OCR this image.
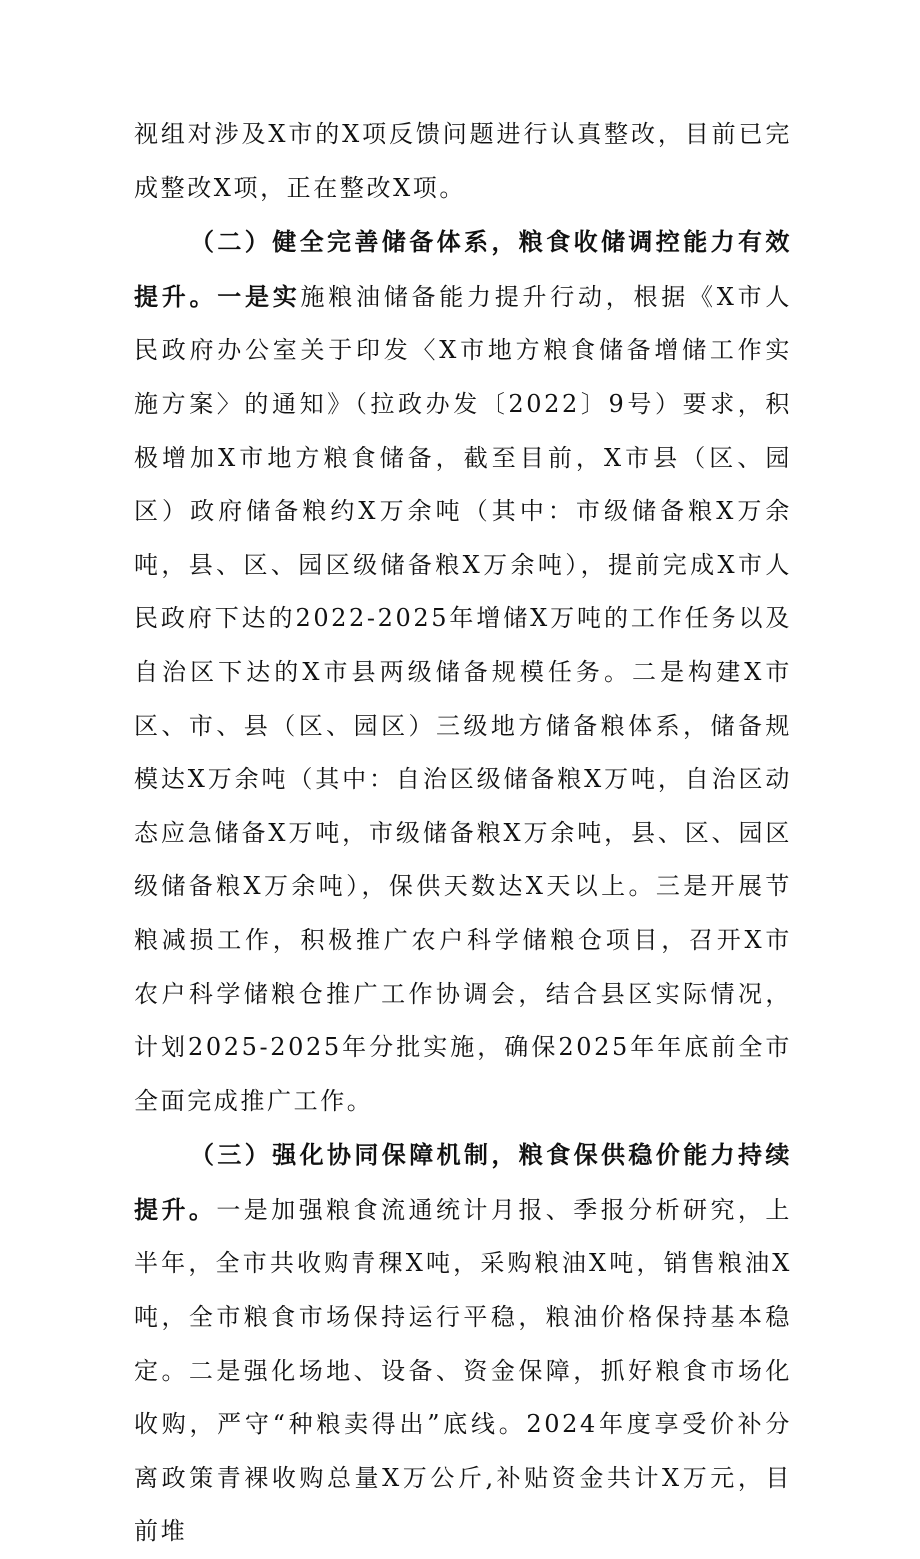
视组对涉及X市的X项反馈问题进行认真整改，目前已完成整改X项，正在整改X项。

（二）健全完善储备体系，粮食收储调控能力有效提升。一是实施粮油储备能力提升行动，根据《X市人民政府办公室关于印发〈X市地方粮食储备增储工作实施方案〉的通知》（拉政办发〔2022〕9号）要求，积极增加X市地方粮食储备，截至目前，X市县（区、园区）政府储备粮约X万余吨（其中：市级储备粮X万余吨，县、区、园区级储备粮X万余吨），提前完成X市人民政府下达的2022-2025年增储X万吨的工作任务以及自治区下达的X市县两级储备规模任务。二是构建X市区、市、县（区、园区）三级地方储备粮体系，储备规模达X万余吨（其中：自治区级储备粮X万吨，自治区动态应急储备X万吨，市级储备粮X万余吨，县、区、园区级储备粮X万余吨），保供天数达X天以上。三是开展节粮减损工作，积极推广农户科学储粮仓项目，召开X市农户科学储粮仓推广工作协调会，结合县区实际情况，计划2025-2025年分批实施，确保2025年年底前全市全面完成推广工作。

（三）强化协同保障机制，粮食保供稳价能力持续提升。一是加强粮食流通统计月报、季报分析研究，上半年，全市共收购青稞X吨，采购粮油X吨，销售粮油X吨，全市粮食市场保持运行平稳，粮油价格保持基本稳定。二是强化场地、设备、资金保障，抓好粮食市场化收购，严守“种粮卖得出”底线。2024年度享受价补分离政策青裸收购总量X万公斤,补贴资金共计X万元，目前堆
